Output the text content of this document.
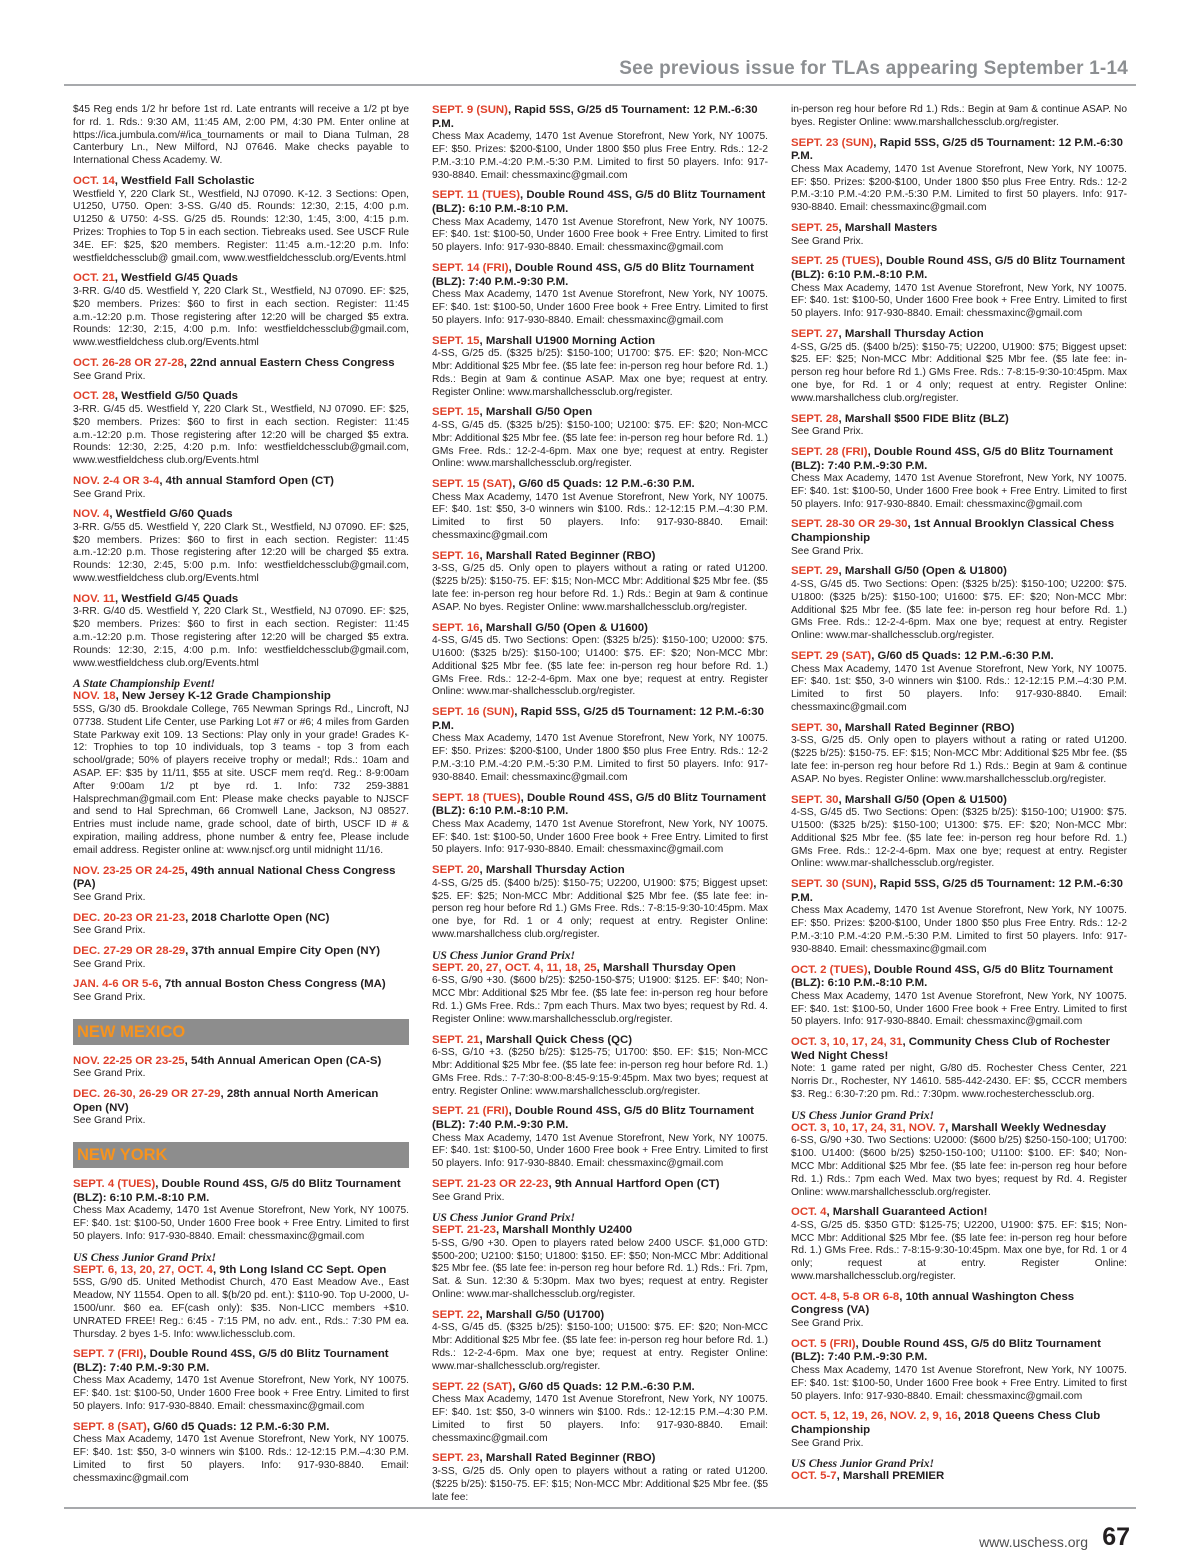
See previous issue for TLAs appearing September 1-14
$45 Reg ends 1/2 hr before 1st rd. Late entrants will receive a 1/2 pt bye for rd. 1. Rds.: 9:30 AM, 11:45 AM, 2:00 PM, 4:30 PM. Enter online at https://ica.jumbula.com/#/ica_tournaments or mail to Diana Tulman, 28 Canterbury Ln., New Milford, NJ 07646. Make checks payable to International Chess Academy. W.
OCT. 14, Westfield Fall Scholastic
Westfield Y, 220 Clark St., Westfield, NJ 07090. K-12. 3 Sections: Open, U1250, U750. Open: 3-SS. G/40 d5. Rounds: 12:30, 2:15, 4:00 p.m. U1250 & U750: 4-SS. G/25 d5. Rounds: 12:30, 1:45, 3:00, 4:15 p.m. Prizes: Trophies to Top 5 in each section. Tiebreaks used. See USCF Rule 34E. EF: $25, $20 members. Register: 11:45 a.m.-12:20 p.m. Info: westfieldchessclub@ gmail.com, www.westfieldchessclub.org/Events.html
OCT. 21, Westfield G/45 Quads
3-RR. G/40 d5. Westfield Y, 220 Clark St., Westfield, NJ 07090. EF: $25, $20 members. Prizes: $60 to first in each section. Register: 11:45 a.m.-12:20 p.m. Those registering after 12:20 will be charged $5 extra. Rounds: 12:30, 2:15, 4:00 p.m. Info: westfieldchessclub@gmail.com, www.westfieldchess club.org/Events.html
OCT. 26-28 OR 27-28, 22nd annual Eastern Chess Congress
See Grand Prix.
OCT. 28, Westfield G/50 Quads
3-RR. G/45 d5. Westfield Y, 220 Clark St., Westfield, NJ 07090. EF: $25, $20 members. Prizes: $60 to first in each section. Register: 11:45 a.m.-12:20 p.m. Those registering after 12:20 will be charged $5 extra. Rounds: 12:30, 2:25, 4:20 p.m. Info: westfieldchessclub@gmail.com, www.westfieldchess club.org/Events.html
NOV. 2-4 OR 3-4, 4th annual Stamford Open (CT)
See Grand Prix.
NOV. 4, Westfield G/60 Quads
3-RR. G/55 d5. Westfield Y, 220 Clark St., Westfield, NJ 07090. EF: $25, $20 members. Prizes: $60 to first in each section. Register: 11:45 a.m.-12:20 p.m. Those registering after 12:20 will be charged $5 extra. Rounds: 12:30, 2:45, 5:00 p.m. Info: westfieldchessclub@gmail.com, www.westfieldchess club.org/Events.html
NOV. 11, Westfield G/45 Quads
3-RR. G/40 d5. Westfield Y, 220 Clark St., Westfield, NJ 07090. EF: $25, $20 members. Prizes: $60 to first in each section. Register: 11:45 a.m.-12:20 p.m. Those registering after 12:20 will be charged $5 extra. Rounds: 12:30, 2:15, 4:00 p.m. Info: westfieldchessclub@gmail.com, www.westfieldchess club.org/Events.html
A State Championship Event!
NOV. 18, New Jersey K-12 Grade Championship
5SS, G/30 d5. Brookdale College, 765 Newman Springs Rd., Lincroft, NJ 07738. Student Life Center, use Parking Lot #7 or #6; 4 miles from Garden State Parkway exit 109. 13 Sections: Play only in your grade! Grades K- 12: Trophies to top 10 individuals, top 3 teams - top 3 from each school/grade; 50% of players receive trophy or medal!; Rds.: 10am and ASAP. EF: $35 by 11/11, $55 at site. USCF mem req'd. Reg.: 8-9:00am After 9:00am 1/2 pt bye rd. 1. Info: 732 259-3881 Halsprechman@gmail.com Ent: Please make checks payable to NJSCF and send to Hal Sprechman, 66 Cromwell Lane, Jackson, NJ 08527. Entries must include name, grade school, date of birth, USCF ID # & expiration, mailing address, phone number & entry fee, Please include email address. Register online at: www.njscf.org until midnight 11/16.
NOV. 23-25 OR 24-25, 49th annual National Chess Congress (PA)
See Grand Prix.
DEC. 20-23 OR 21-23, 2018 Charlotte Open (NC)
See Grand Prix.
DEC. 27-29 OR 28-29, 37th annual Empire City Open (NY)
See Grand Prix.
JAN. 4-6 OR 5-6, 7th annual Boston Chess Congress (MA)
See Grand Prix.
NEW MEXICO
NOV. 22-25 OR 23-25, 54th Annual American Open (CA-S)
See Grand Prix.
DEC. 26-30, 26-29 OR 27-29, 28th annual North American Open (NV)
See Grand Prix.
NEW YORK
SEPT. 4 (TUES), Double Round 4SS, G/5 d0 Blitz Tournament (BLZ): 6:10 P.M.-8:10 P.M.
Chess Max Academy, 1470 1st Avenue Storefront, New York, NY 10075. EF: $40. 1st: $100-50, Under 1600 Free book + Free Entry. Limited to first 50 players. Info: 917-930-8840. Email: chessmaxinc@gmail.com
US Chess Junior Grand Prix!
SEPT. 6, 13, 20, 27, OCT. 4, 9th Long Island CC Sept. Open
5SS, G/90 d5. United Methodist Church, 470 East Meadow Ave., East Meadow, NY 11554. Open to all. $(b/20 pd. ent.): $110-90. Top U-2000, U-1500/unr. $60 ea. EF(cash only): $35. Non-LICC members +$10. UNRATED FREE! Reg.: 6:45 - 7:15 PM, no adv. ent., Rds.: 7:30 PM ea. Thursday. 2 byes 1-5. Info: www.lichessclub.com.
SEPT. 7 (FRI), Double Round 4SS, G/5 d0 Blitz Tournament (BLZ): 7:40 P.M.-9:30 P.M.
Chess Max Academy, 1470 1st Avenue Storefront, New York, NY 10075. EF: $40. 1st: $100-50, Under 1600 Free book + Free Entry. Limited to first 50 players. Info: 917-930-8840. Email: chessmaxinc@gmail.com
SEPT. 8 (SAT), G/60 d5 Quads: 12 P.M.-6:30 P.M.
Chess Max Academy, 1470 1st Avenue Storefront, New York, NY 10075. EF: $40. 1st: $50, 3-0 winners win $100. Rds.: 12-12:15 P.M.–4:30 P.M. Limited to first 50 players. Info: 917-930-8840. Email: chessmaxinc@gmail.com
SEPT. 9 (SUN), Rapid 5SS, G/25 d5 Tournament: 12 P.M.-6:30 P.M.
Chess Max Academy, 1470 1st Avenue Storefront, New York, NY 10075. EF: $50. Prizes: $200-$100, Under 1800 $50 plus Free Entry. Rds.: 12-2 P.M.-3:10 P.M.-4:20 P.M.-5:30 P.M. Limited to first 50 players. Info: 917-930-8840. Email: chessmaxinc@gmail.com
SEPT. 11 (TUES), Double Round 4SS, G/5 d0 Blitz Tournament (BLZ): 6:10 P.M.-8:10 P.M.
Chess Max Academy, 1470 1st Avenue Storefront, New York, NY 10075. EF: $40. 1st: $100-50, Under 1600 Free book + Free Entry. Limited to first 50 players. Info: 917-930-8840. Email: chessmaxinc@gmail.com
SEPT. 14 (FRI), Double Round 4SS, G/5 d0 Blitz Tournament (BLZ): 7:40 P.M.-9:30 P.M.
Chess Max Academy, 1470 1st Avenue Storefront, New York, NY 10075. EF: $40. 1st: $100-50, Under 1600 Free book + Free Entry. Limited to first 50 players. Info: 917-930-8840. Email: chessmaxinc@gmail.com
SEPT. 15, Marshall U1900 Morning Action
4-SS, G/25 d5. ($325 b/25): $150-100; U1700: $75. EF: $20; Non-MCC Mbr: Additional $25 Mbr fee. ($5 late fee: in-person reg hour before Rd. 1.) Rds.: Begin at 9am & continue ASAP. Max one bye; request at entry. Register Online: www.marshallchessclub.org/register.
SEPT. 15, Marshall G/50 Open
4-SS, G/45 d5. ($325 b/25): $150-100; U2100: $75. EF: $20; Non-MCC Mbr: Additional $25 Mbr fee. ($5 late fee: in-person reg hour before Rd. 1.) GMs Free. Rds.: 12-2-4-6pm. Max one bye; request at entry. Register Online: www.marshallchessclub.org/register.
SEPT. 15 (SAT), G/60 d5 Quads: 12 P.M.-6:30 P.M.
Chess Max Academy, 1470 1st Avenue Storefront, New York, NY 10075. EF: $40. 1st: $50, 3-0 winners win $100. Rds.: 12-12:15 P.M.–4:30 P.M. Limited to first 50 players. Info: 917-930-8840. Email: chessmaxinc@gmail.com
SEPT. 16, Marshall Rated Beginner (RBO)
3-SS, G/25 d5. Only open to players without a rating or rated U1200. ($225 b/25): $150-75. EF: $15; Non-MCC Mbr: Additional $25 Mbr fee. ($5 late fee: in-person reg hour before Rd. 1.) Rds.: Begin at 9am & continue ASAP. No byes. Register Online: www.marshallchessclub.org/register.
SEPT. 16, Marshall G/50 (Open & U1600)
4-SS, G/45 d5. Two Sections: Open: ($325 b/25): $150-100; U2000: $75. U1600: ($325 b/25): $150-100; U1400: $75. EF: $20; Non-MCC Mbr: Additional $25 Mbr fee. ($5 late fee: in-person reg hour before Rd. 1.) GMs Free. Rds.: 12-2-4-6pm. Max one bye; request at entry. Register Online: www.mar-shallchessclub.org/register.
SEPT. 16 (SUN), Rapid 5SS, G/25 d5 Tournament: 12 P.M.-6:30 P.M.
Chess Max Academy, 1470 1st Avenue Storefront, New York, NY 10075. EF: $50. Prizes: $200-$100, Under 1800 $50 plus Free Entry. Rds.: 12-2 P.M.-3:10 P.M.-4:20 P.M.-5:30 P.M. Limited to first 50 players. Info: 917-930-8840. Email: chessmaxinc@gmail.com
SEPT. 18 (TUES), Double Round 4SS, G/5 d0 Blitz Tournament (BLZ): 6:10 P.M.-8:10 P.M.
Chess Max Academy, 1470 1st Avenue Storefront, New York, NY 10075. EF: $40. 1st: $100-50, Under 1600 Free book + Free Entry. Limited to first 50 players. Info: 917-930-8840. Email: chessmaxinc@gmail.com
SEPT. 20, Marshall Thursday Action
4-SS, G/25 d5. ($400 b/25): $150-75; U2200, U1900: $75; Biggest upset: $25. EF: $25; Non-MCC Mbr: Additional $25 Mbr fee. ($5 late fee: in-person reg hour before Rd 1.) GMs Free. Rds.: 7-8:15-9:30-10:45pm. Max one bye, for Rd. 1 or 4 only; request at entry. Register Online: www.marshallchess club.org/register.
US Chess Junior Grand Prix!
SEPT. 20, 27, OCT. 4, 11, 18, 25, Marshall Thursday Open
6-SS, G/90 +30. ($600 b/25): $250-150-$75; U1900: $125. EF: $40; Non-MCC Mbr: Additional $25 Mbr fee. ($5 late fee: in-person reg hour before Rd. 1.) GMs Free. Rds.: 7pm each Thurs. Max two byes; request by Rd. 4. Register Online: www.marshallchessclub.org/register.
SEPT. 21, Marshall Quick Chess (QC)
6-SS, G/10 +3. ($250 b/25): $125-75; U1700: $50. EF: $15; Non-MCC Mbr: Additional $25 Mbr fee. ($5 late fee: in-person reg hour before Rd. 1.) GMs Free. Rds.: 7-7:30-8:00-8:45-9:15-9:45pm. Max two byes; request at entry. Register Online: www.marshallchessclub.org/register.
SEPT. 21 (FRI), Double Round 4SS, G/5 d0 Blitz Tournament (BLZ): 7:40 P.M.-9:30 P.M.
Chess Max Academy, 1470 1st Avenue Storefront, New York, NY 10075. EF: $40. 1st: $100-50, Under 1600 Free book + Free Entry. Limited to first 50 players. Info: 917-930-8840. Email: chessmaxinc@gmail.com
SEPT. 21-23 OR 22-23, 9th Annual Hartford Open (CT)
See Grand Prix.
US Chess Junior Grand Prix!
SEPT. 21-23, Marshall Monthly U2400
5-SS, G/90 +30. Open to players rated below 2400 USCF. $1,000 GTD: $500-200; U2100: $150; U1800: $150. EF: $50; Non-MCC Mbr: Additional $25 Mbr fee. ($5 late fee: in-person reg hour before Rd. 1.) Rds.: Fri. 7pm, Sat. & Sun. 12:30 & 5:30pm. Max two byes; request at entry. Register Online: www.mar-shallchessclub.org/register.
SEPT. 22, Marshall G/50 (U1700)
4-SS, G/45 d5. ($325 b/25): $150-100; U1500: $75. EF: $20; Non-MCC Mbr: Additional $25 Mbr fee. ($5 late fee: in-person reg hour before Rd. 1.) Rds.: 12-2-4-6pm. Max one bye; request at entry. Register Online: www.mar-shallchessclub.org/register.
SEPT. 22 (SAT), G/60 d5 Quads: 12 P.M.-6:30 P.M.
Chess Max Academy, 1470 1st Avenue Storefront, New York, NY 10075. EF: $40. 1st: $50, 3-0 winners win $100. Rds.: 12-12:15 P.M.–4:30 P.M. Limited to first 50 players. Info: 917-930-8840. Email: chessmaxinc@gmail.com
SEPT. 23, Marshall Rated Beginner (RBO)
3-SS, G/25 d5. Only open to players without a rating or rated U1200. ($225 b/25): $150-75. EF: $15; Non-MCC Mbr: Additional $25 Mbr fee. ($5 late fee:
in-person reg hour before Rd 1.) Rds.: Begin at 9am & continue ASAP. No byes. Register Online: www.marshallchessclub.org/register.
SEPT. 23 (SUN), Rapid 5SS, G/25 d5 Tournament: 12 P.M.-6:30 P.M.
Chess Max Academy, 1470 1st Avenue Storefront, New York, NY 10075. EF: $50. Prizes: $200-$100, Under 1800 $50 plus Free Entry. Rds.: 12-2 P.M.-3:10 P.M.-4:20 P.M.-5:30 P.M. Limited to first 50 players. Info: 917-930-8840. Email: chessmaxinc@gmail.com
SEPT. 25, Marshall Masters
See Grand Prix.
SEPT. 25 (TUES), Double Round 4SS, G/5 d0 Blitz Tournament (BLZ): 6:10 P.M.-8:10 P.M.
Chess Max Academy, 1470 1st Avenue Storefront, New York, NY 10075. EF: $40. 1st: $100-50, Under 1600 Free book + Free Entry. Limited to first 50 players. Info: 917-930-8840. Email: chessmaxinc@gmail.com
SEPT. 27, Marshall Thursday Action
4-SS, G/25 d5. ($400 b/25): $150-75; U2200, U1900: $75; Biggest upset: $25. EF: $25; Non-MCC Mbr: Additional $25 Mbr fee. ($5 late fee: in-person reg hour before Rd 1.) GMs Free. Rds.: 7-8:15-9:30-10:45pm. Max one bye, for Rd. 1 or 4 only; request at entry. Register Online: www.marshallchess club.org/register.
SEPT. 28, Marshall $500 FIDE Blitz (BLZ)
See Grand Prix.
SEPT. 28 (FRI), Double Round 4SS, G/5 d0 Blitz Tournament (BLZ): 7:40 P.M.-9:30 P.M.
Chess Max Academy, 1470 1st Avenue Storefront, New York, NY 10075. EF: $40. 1st: $100-50, Under 1600 Free book + Free Entry. Limited to first 50 players. Info: 917-930-8840. Email: chessmaxinc@gmail.com
SEPT. 28-30 OR 29-30, 1st Annual Brooklyn Classical Chess Championship
See Grand Prix.
SEPT. 29, Marshall G/50 (Open & U1800)
4-SS, G/45 d5. Two Sections: Open: ($325 b/25): $150-100; U2200: $75. U1800: ($325 b/25): $150-100; U1600: $75. EF: $20; Non-MCC Mbr: Additional $25 Mbr fee. ($5 late fee: in-person reg hour before Rd. 1.) GMs Free. Rds.: 12-2-4-6pm. Max one bye; request at entry. Register Online: www.mar-shallchessclub.org/register.
SEPT. 29 (SAT), G/60 d5 Quads: 12 P.M.-6:30 P.M.
Chess Max Academy, 1470 1st Avenue Storefront, New York, NY 10075. EF: $40. 1st: $50, 3-0 winners win $100. Rds.: 12-12:15 P.M.–4:30 P.M. Limited to first 50 players. Info: 917-930-8840. Email: chessmaxinc@gmail.com
SEPT. 30, Marshall Rated Beginner (RBO)
3-SS, G/25 d5. Only open to players without a rating or rated U1200. ($225 b/25): $150-75. EF: $15; Non-MCC Mbr: Additional $25 Mbr fee. ($5 late fee: in-person reg hour before Rd 1.) Rds.: Begin at 9am & continue ASAP. No byes. Register Online: www.marshallchessclub.org/register.
SEPT. 30, Marshall G/50 (Open & U1500)
4-SS, G/45 d5. Two Sections: Open: ($325 b/25): $150-100; U1900: $75. U1500: ($325 b/25): $150-100; U1300: $75. EF: $20; Non-MCC Mbr: Additional $25 Mbr fee. ($5 late fee: in-person reg hour before Rd. 1.) GMs Free. Rds.: 12-2-4-6pm. Max one bye; request at entry. Register Online: www.mar-shallchessclub.org/register.
SEPT. 30 (SUN), Rapid 5SS, G/25 d5 Tournament: 12 P.M.-6:30 P.M.
Chess Max Academy, 1470 1st Avenue Storefront, New York, NY 10075. EF: $50. Prizes: $200-$100, Under 1800 $50 plus Free Entry. Rds.: 12-2 P.M.-3:10 P.M.-4:20 P.M.-5:30 P.M. Limited to first 50 players. Info: 917-930-8840. Email: chessmaxinc@gmail.com
OCT. 2 (TUES), Double Round 4SS, G/5 d0 Blitz Tournament (BLZ): 6:10 P.M.-8:10 P.M.
Chess Max Academy, 1470 1st Avenue Storefront, New York, NY 10075. EF: $40. 1st: $100-50, Under 1600 Free book + Free Entry. Limited to first 50 players. Info: 917-930-8840. Email: chessmaxinc@gmail.com
OCT. 3, 10, 17, 24, 31, Community Chess Club of Rochester Wed Night Chess!
Note: 1 game rated per night, G/80 d5. Rochester Chess Center, 221 Norris Dr., Rochester, NY 14610. 585-442-2430. EF: $5, CCCR members $3. Reg.: 6:30-7:20 pm. Rd.: 7:30pm. www.rochesterchessclub.org.
US Chess Junior Grand Prix!
OCT. 3, 10, 17, 24, 31, NOV. 7, Marshall Weekly Wednesday
6-SS, G/90 +30. Two Sections: U2000: ($600 b/25) $250-150-100; U1700: $100. U1400: ($600 b/25) $250-150-100; U1100: $100. EF: $40; Non- MCC Mbr: Additional $25 Mbr fee. ($5 late fee: in-person reg hour before Rd. 1.) Rds.: 7pm each Wed. Max two byes; request by Rd. 4. Register Online: www.marshallchessclub.org/register.
OCT. 4, Marshall Guaranteed Action!
4-SS, G/25 d5. $350 GTD: $125-75; U2200, U1900: $75. EF: $15; Non- MCC Mbr: Additional $25 Mbr fee. ($5 late fee: in-person reg hour before Rd. 1.) GMs Free. Rds.: 7-8:15-9:30-10:45pm. Max one bye, for Rd. 1 or 4 only; request at entry. Register Online: www.marshallchessclub.org/register.
OCT. 4-8, 5-8 OR 6-8, 10th annual Washington Chess Congress (VA)
See Grand Prix.
OCT. 5 (FRI), Double Round 4SS, G/5 d0 Blitz Tournament (BLZ): 7:40 P.M.-9:30 P.M.
Chess Max Academy, 1470 1st Avenue Storefront, New York, NY 10075. EF: $40. 1st: $100-50, Under 1600 Free book + Free Entry. Limited to first 50 players. Info: 917-930-8840. Email: chessmaxinc@gmail.com
OCT. 5, 12, 19, 26, NOV. 2, 9, 16, 2018 Queens Chess Club Championship
See Grand Prix.
US Chess Junior Grand Prix!
OCT. 5-7, Marshall PREMIER
www.uschess.org 67
